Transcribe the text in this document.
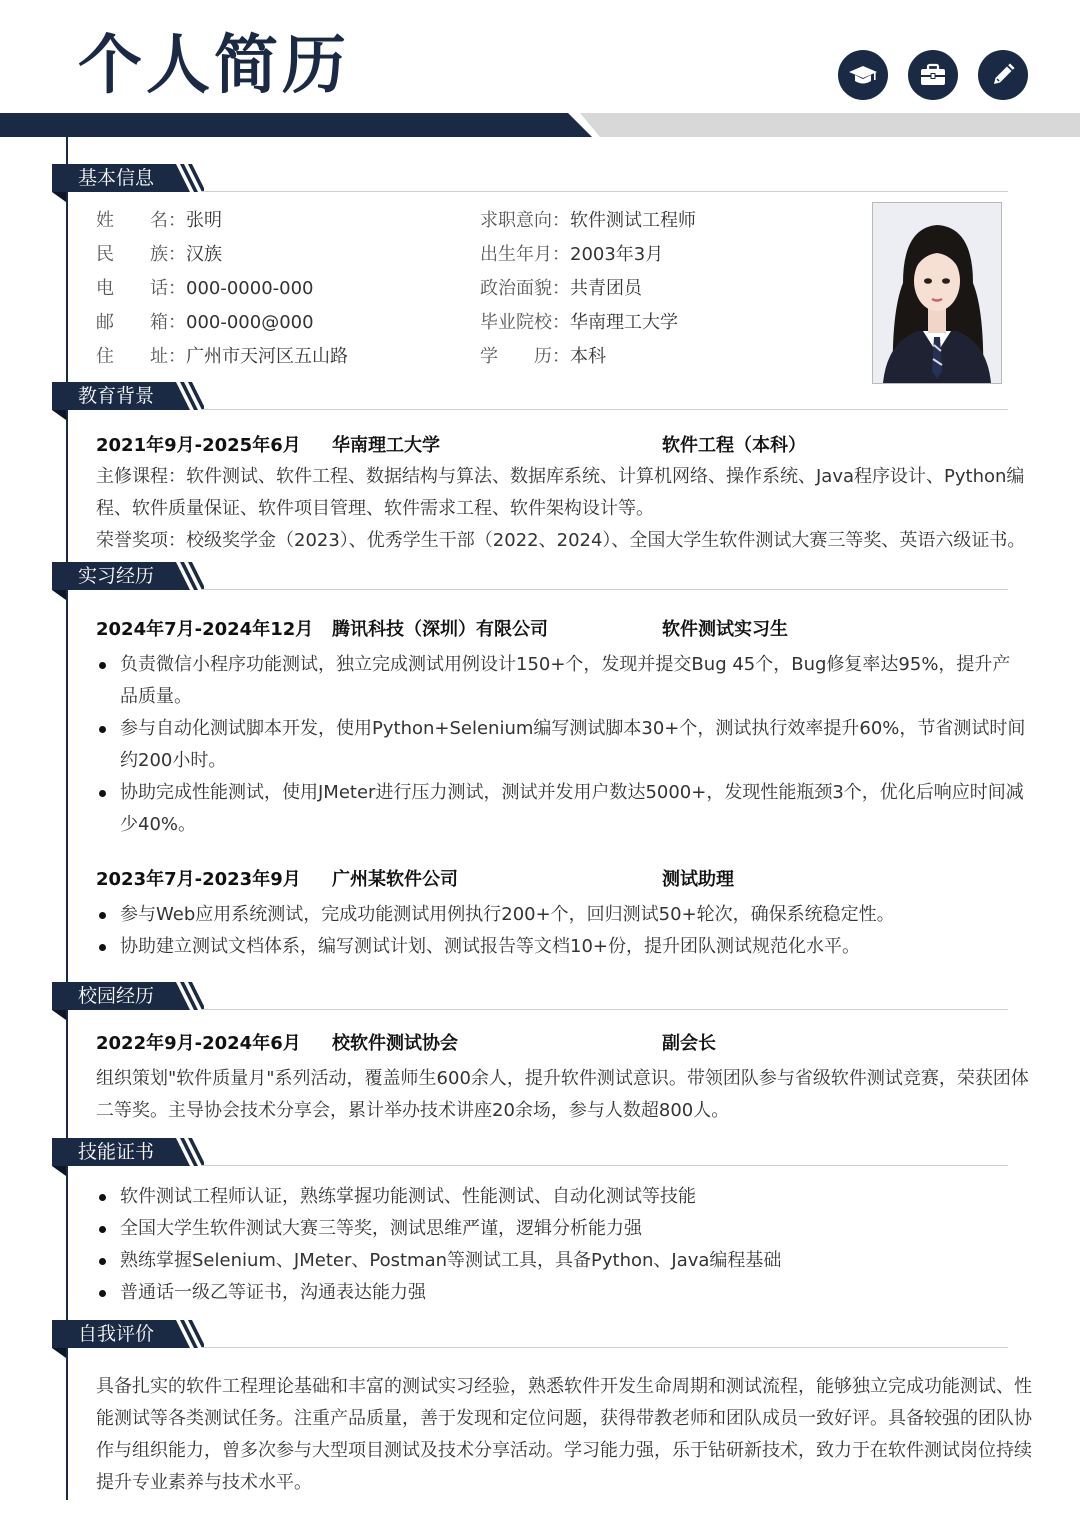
个人简历
基本信息
姓　　名：张明
民　　族：汉族
电　　话：000-0000-000
邮　　箱：000-000@000
住　　址：广州市天河区五山路
求职意向：软件测试工程师
出生年月：2003年3月
政治面貌：共青团员
毕业院校：华南理工大学
学　　历：本科
教育背景
2021年9月-2025年6月 华南理工大学	软件工程（本科）
主修课程：软件测试、软件工程、数据结构与算法、数据库系统、计算机网络、操作系统、Java程序设计、Python编程、软件质量保证、软件项目管理、软件需求工程、软件架构设计等。
荣誉奖项：校级奖学金（2023）、优秀学生干部（2022、2024）、全国大学生软件测试大赛三等奖、英语六级证书。
实习经历
2024年7月-2024年12月 腾讯科技（深圳）有限公司	软件测试实习生
负责微信小程序功能测试，独立完成测试用例设计150+个，发现并提交Bug 45个，Bug修复率达95%，提升产品质量。
参与自动化测试脚本开发，使用Python+Selenium编写测试脚本30+个，测试执行效率提升60%，节省测试时间约200小时。
协助完成性能测试，使用JMeter进行压力测试，测试并发用户数达5000+，发现性能瓶颈3个，优化后响应时间减少40%。
2023年7月-2023年9月 广州某软件公司	测试助理
参与Web应用系统测试，完成功能测试用例执行200+个，回归测试50+轮次，确保系统稳定性。
协助建立测试文档体系，编写测试计划、测试报告等文档10+份，提升团队测试规范化水平。
校园经历
2022年9月-2024年6月 校软件测试协会	副会长
组织策划"软件质量月"系列活动，覆盖师生600余人，提升软件测试意识。带领团队参与省级软件测试竞赛，荣获团体二等奖。主导协会技术分享会，累计举办技术讲座20余场，参与人数超800人。
技能证书
软件测试工程师认证，熟练掌握功能测试、性能测试、自动化测试等技能
全国大学生软件测试大赛三等奖，测试思维严谨，逻辑分析能力强
熟练掌握Selenium、JMeter、Postman等测试工具，具备Python、Java编程基础
普通话一级乙等证书，沟通表达能力强
自我评价
具备扎实的软件工程理论基础和丰富的测试实习经验，熟悉软件开发生命周期和测试流程，能够独立完成功能测试、性能测试等各类测试任务。注重产品质量，善于发现和定位问题，获得带教老师和团队成员一致好评。具备较强的团队协作与组织能力，曾多次参与大型项目测试及技术分享活动。学习能力强，乐于钻研新技术，致力于在软件测试岗位持续提升专业素养与技术水平。
